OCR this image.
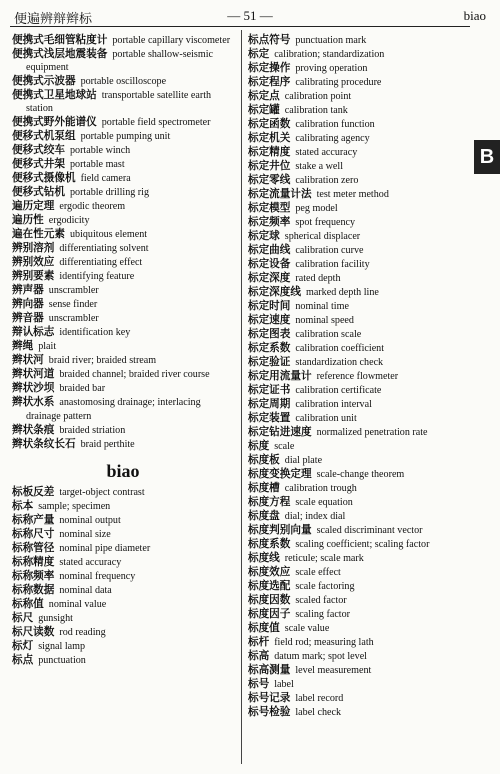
便遍辨辩辫标	— 51 —	biao
B
便携式毛细管粘度计 portable capillary viscometer
便携式浅层地震装备 portable shallow-seismic equipment
便携式示波器 portable oscilloscope
便携式卫星地球站 transportable satellite earth station
便携式野外能谱仪 portable field spectrometer
便移式机泵组 portable pumping unit
便移式绞车 portable winch
便移式井架 portable mast
便移式摄像机 field camera
便移式钻机 portable drilling rig
遍历定理 ergodic theorem
遍历性 ergodicity
遍在性元素 ubiquitous element
辨别溶剂 differentiating solvent
辨别效应 differentiating effect
辨别要素 identifying feature
辨声器 unscrambler
辨向器 sense finder
辨音器 unscrambler
辩认标志 identification key
辫绳 plait
辫状河 braid river; braided stream
辫状河道 braided channel; braided river course
辫状沙坝 braided bar
辫状水系 anastomosing drainage; interlacing drainage pattern
辫状条痕 braided striation
辫状条纹长石 braid perthite
biao
标板反差 target-object contrast
标本 sample; specimen
标称产量 nominal output
标称尺寸 nominal size
标称管径 nominal pipe diameter
标称精度 stated accuracy
标称频率 nominal frequency
标称数据 nominal data
标称值 nominal value
标尺 gunsight
标尺读数 rod reading
标灯 signal lamp
标点 punctuation
标点符号 punctuation mark
标定 calibration; standardization
标定操作 proving operation
标定程序 calibrating procedure
标定点 calibration point
标定罐 calibration tank
标定函数 calibration function
标定机关 calibrating agency
标定精度 stated accuracy
标定井位 stake a well
标定零线 calibration zero
标定流量计法 test meter method
标定模型 peg model
标定频率 spot frequency
标定球 spherical displacer
标定曲线 calibration curve
标定设备 calibration facility
标定深度 rated depth
标定深度线 marked depth line
标定时间 nominal time
标定速度 nominal speed
标定图表 calibration scale
标定系数 calibration coefficient
标定验证 standardization check
标定用流量计 reference flowmeter
标定证书 calibration certificate
标定周期 calibration interval
标定装置 calibration unit
标定钻进速度 normalized penetration rate
标度 scale
标度板 dial plate
标度变换定理 scale-change theorem
标度槽 calibration trough
标度方程 scale equation
标度盘 dial; index dial
标度判别向量 scaled discriminant vector
标度系数 scaling coefficient; scaling factor
标度线 reticule; scale mark
标度效应 scale effect
标度选配 scale factoring
标度因数 scaled factor
标度因子 scaling factor
标度值 scale value
标杆 field rod; measuring lath
标高 datum mark; spot level
标高测量 level measurement
标号 label
标号记录 label record
标号检验 label check
